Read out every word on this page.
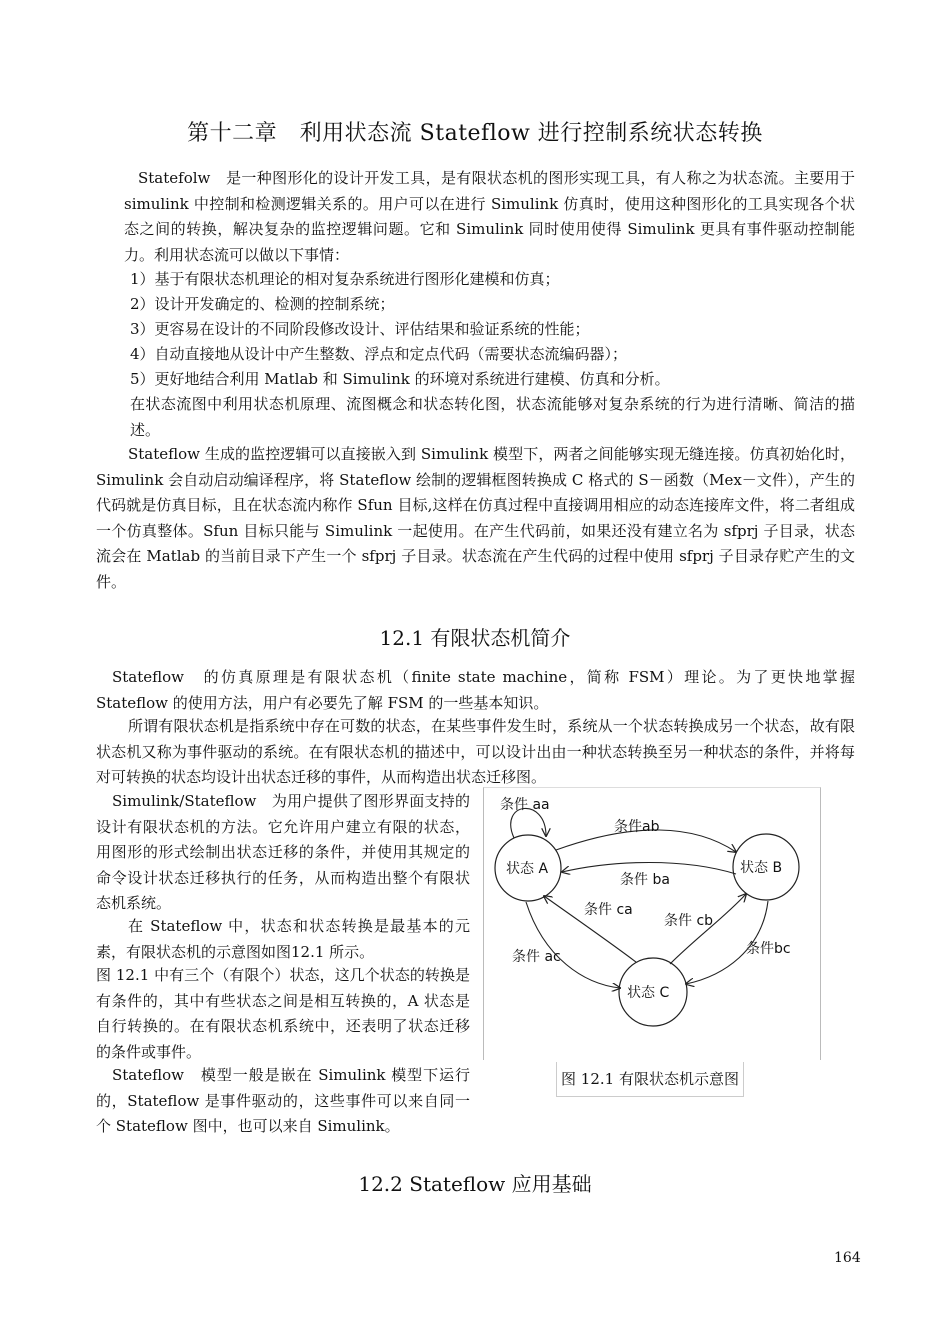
第十二章　利用状态流 Stateflow 进行控制系统状态转换

Statefolw　是一种图形化的设计开发工具，是有限状态机的图形实现工具，有人称之为状态流。主要用于 simulink 中控制和检测逻辑关系的。用户可以在进行 Simulink 仿真时，使用这种图形化的工具实现各个状态之间的转换，解决复杂的监控逻辑问题。它和 Simulink 同时使用使得 Simulink 更具有事件驱动控制能力。利用状态流可以做以下事情：

1）基于有限状态机理论的相对复杂系统进行图形化建模和仿真；

2）设计开发确定的、检测的控制系统；

3）更容易在设计的不同阶段修改设计、评估结果和验证系统的性能；

4）自动直接地从设计中产生整数、浮点和定点代码（需要状态流编码器）；

5）更好地结合利用 Matlab 和 Simulink 的环境对系统进行建模、仿真和分析。

在状态流图中利用状态机原理、流图概念和状态转化图，状态流能够对复杂系统的行为进行清晰、简洁的描述。

Stateflow 生成的监控逻辑可以直接嵌入到 Simulink 模型下，两者之间能够实现无缝连接。仿真初始化时，Simulink 会自动启动编译程序，将 Stateflow 绘制的逻辑框图转换成 C 格式的 S－函数（Mex－文件），产生的代码就是仿真目标，且在状态流内称作 Sfun 目标,这样在仿真过程中直接调用相应的动态连接库文件，将二者组成一个仿真整体。Sfun 目标只能与 Simulink 一起使用。在产生代码前，如果还没有建立名为 sfprj 子目录，状态流会在 Matlab 的当前目录下产生一个 sfprj 子目录。状态流在产生代码的过程中使用 sfprj 子目录存贮产生的文件。

12.1 有限状态机简介

Stateflow　的仿真原理是有限状态机（finite state machine，简称 FSM）理论。为了更快地掌握 Stateflow 的使用方法，用户有必要先了解 FSM 的一些基本知识。

所谓有限状态机是指系统中存在可数的状态，在某些事件发生时，系统从一个状态转换成另一个状态，故有限状态机又称为事件驱动的系统。在有限状态机的描述中，可以设计出由一种状态转换至另一种状态的条件，并将每对可转换的状态均设计出状态迁移的事件，从而构造出状态迁移图。

Simulink/Stateflow　为用户提供了图形界面支持的设计有限状态机的方法。它允许用户建立有限的状态，用图形的形式绘制出状态迁移的条件，并使用其规定的命令设计状态迁移执行的任务，从而构造出整个有限状态机系统。

在 Stateflow 中，状态和状态转换是最基本的元素，有限状态机的示意图如图12.1 所示。

图 12.1 中有三个（有限个）状态，这几个状态的转换是有条件的，其中有些状态之间是相互转换的，A 状态是自行转换的。在有限状态机系统中，还表明了状态迁移的条件或事件。

Stateflow　模型一般是嵌在 Simulink 模型下运行的，Stateflow 是事件驱动的，这些事件可以来自同一个 Stateflow 图中，也可以来自 Simulink。

状态 A	状态 B
状态 C
条件 aa
条件ab
条件 ba
条件 ca
条件 cb
条件 ac	条件bc
图 12.1 有限状态机示意图
12.2 Stateflow 应用基础
164
